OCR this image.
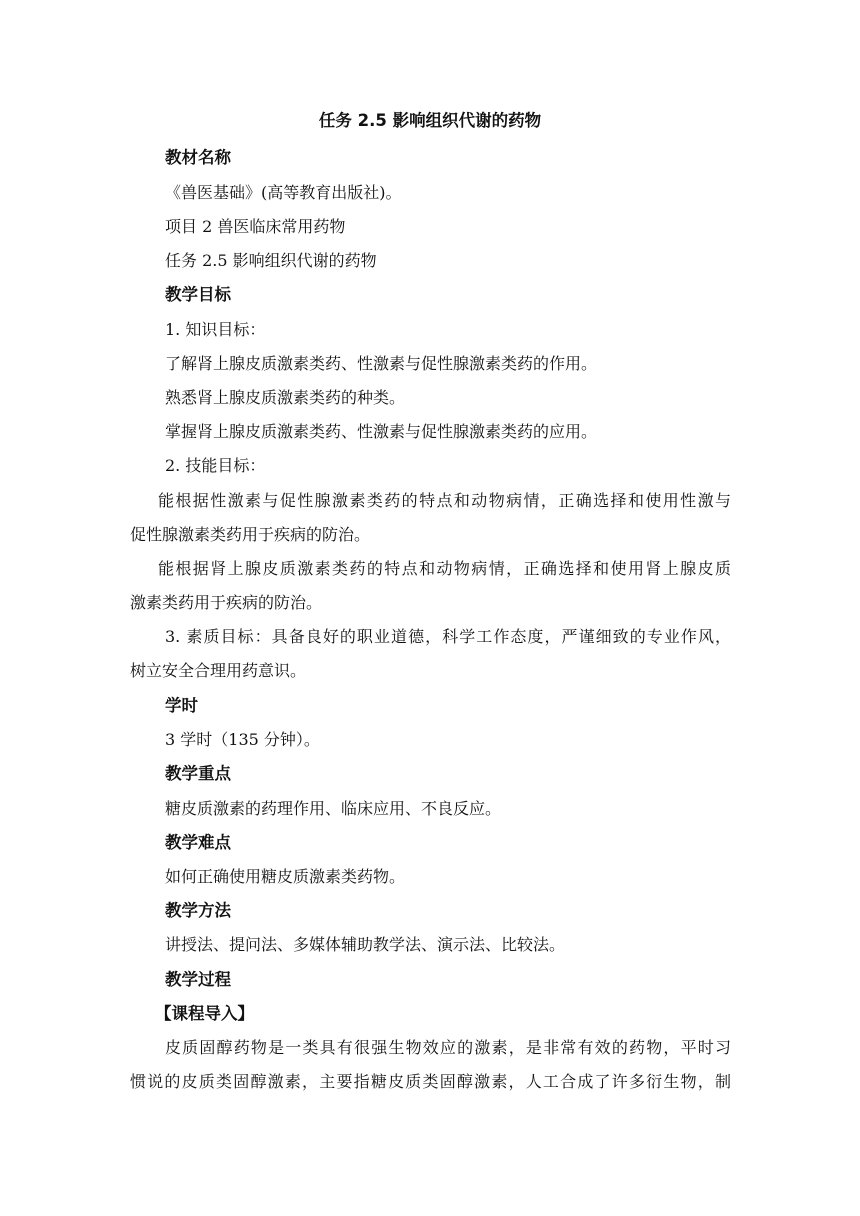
任务 2.5 影响组织代谢的药物

教材名称

《兽医基础》(高等教育出版社)。

项目 2 兽医临床常用药物

任务 2.5 影响组织代谢的药物

教学目标

1. 知识目标：

了解肾上腺皮质激素类药、性激素与促性腺激素类药的作用。

熟悉肾上腺皮质激素类药的种类。

掌握肾上腺皮质激素类药、性激素与促性腺激素类药的应用。

2. 技能目标：

能根据性激素与促性腺激素类药的特点和动物病情，正确选择和使用性激与

促性腺激素类药用于疾病的防治。

能根据肾上腺皮质激素类药的特点和动物病情，正确选择和使用肾上腺皮质

激素类药用于疾病的防治。

3. 素质目标：具备良好的职业道德，科学工作态度，严谨细致的专业作风，

树立安全合理用药意识。

学时

3 学时（135 分钟）。

教学重点

糖皮质激素的药理作用、临床应用、不良反应。

教学难点

如何正确使用糖皮质激素类药物。

教学方法

讲授法、提问法、多媒体辅助教学法、演示法、比较法。

教学过程

【课程导入】

皮质固醇药物是一类具有很强生物效应的激素，是非常有效的药物，平时习

惯说的皮质类固醇激素，主要指糖皮质类固醇激素，人工合成了许多衍生物，制
